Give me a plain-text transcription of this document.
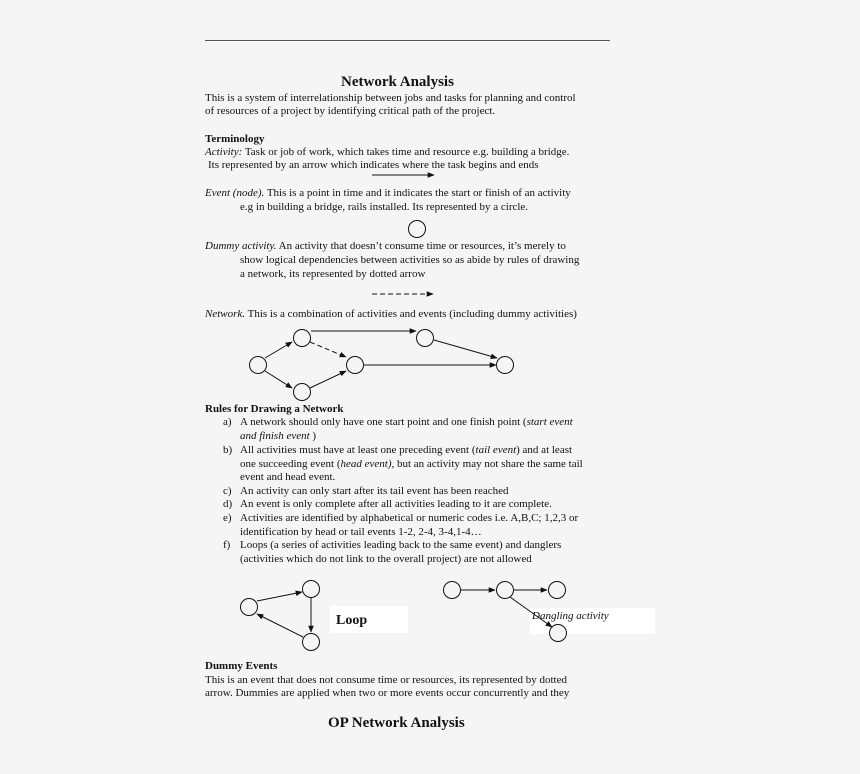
Network Analysis
This is a system of interrelationship between jobs and tasks for planning and control
of resources of a project by identifying critical path of the project.
Terminology
Activity: Task or job of work, which takes time and resource e.g. building a bridge.
Its represented by an arrow which indicates where the task begins and ends
Event (node). This is a point in time and it indicates the start or finish of an activity
e.g in building a bridge, rails installed. Its represented by a circle.
Dummy activity. An activity that doesn’t consume time or resources, it’s merely to
show logical dependencies between activities so as abide by rules of drawing
a network, its represented by dotted arrow
Network. This is a combination of activities and events (including dummy activities)
Rules for Drawing a Network
a) A network should only have one start point and one finish point (start event
and finish event )
b) All activities must have at least one preceding event (tail event) and at least
one succeeding event (head event), but an activity may not share the same tail
event and head event.
c) An activity can only start after its tail event has been reached
d) An event is only complete after all activities leading to it are complete.
e) Activities are identified by alphabetical or numeric codes i.e. A,B,C; 1,2,3 or
identification by head or tail events 1-2, 2-4, 3-4,1-4…
f) Loops (a series of activities leading back to the same event) and danglers
(activities which do not link to the overall project) are not allowed
Loop	Dangling activity
Dummy Events
This is an event that does not consume time or resources, its represented by dotted
arrow. Dummies are applied when two or more events occur concurrently and they
OP Network Analysis
